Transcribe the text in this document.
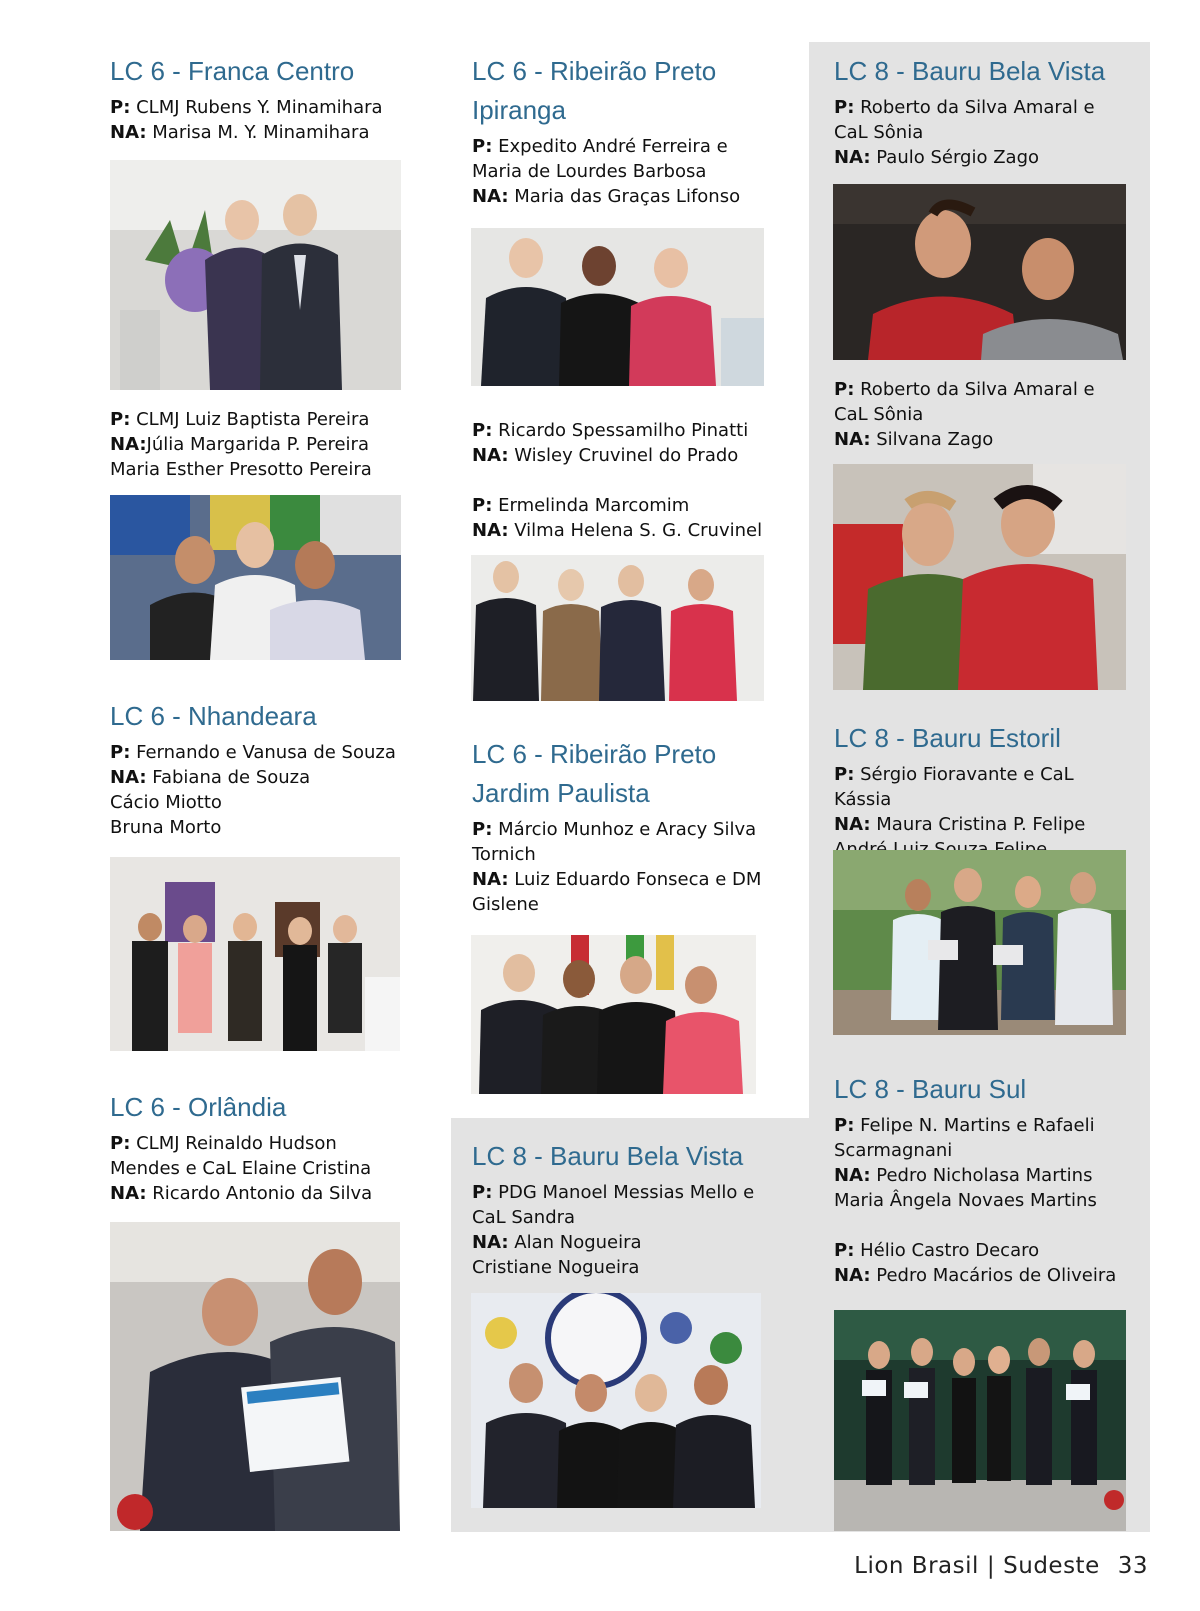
LC 6 - Franca Centro
P: CLMJ Rubens Y. Minamihara
NA: Marisa M. Y. Minamihara
P: CLMJ Luiz Baptista Pereira
NA:Júlia Margarida P. Pereira
Maria Esther Presotto Pereira
LC 6 - Nhandeara
P: Fernando e Vanusa de Souza
NA: Fabiana de Souza
Cácio Miotto
Bruna Morto
LC 6 - Orlândia
P: CLMJ Reinaldo Hudson
Mendes e CaL Elaine Cristina
NA: Ricardo Antonio da Silva
LC 6 - Ribeirão Preto
Ipiranga
P: Expedito André Ferreira e
Maria de Lourdes Barbosa
NA: Maria das Graças Lifonso
P: Ricardo Spessamilho Pinatti
NA: Wisley Cruvinel do Prado
P: Ermelinda Marcomim
NA: Vilma Helena S. G. Cruvinel
LC 6 - Ribeirão Preto
Jardim Paulista
P: Márcio Munhoz e Aracy Silva
Tornich
NA: Luiz Eduardo Fonseca e DM
Gislene
LC 8 - Bauru Bela Vista
P: PDG Manoel Messias Mello e
CaL Sandra
NA: Alan Nogueira
Cristiane Nogueira
LC 8 - Bauru Bela Vista
P: Roberto da Silva Amaral e
CaL Sônia
NA: Paulo Sérgio Zago
P: Roberto da Silva Amaral e
CaL Sônia
NA: Silvana Zago
LC 8 - Bauru Estoril
P: Sérgio Fioravante e CaL Kássia
NA: Maura Cristina P. Felipe
LC 8 - Bauru Sul
P: Felipe N. Martins e Rafaeli
Scarmagnani
NA: Pedro Nicholasa Martins
Maria Ângela Novaes Martins
P: Hélio Castro Decaro
NA: Pedro Macários de Oliveira
Lion Brasil | Sudeste 33
